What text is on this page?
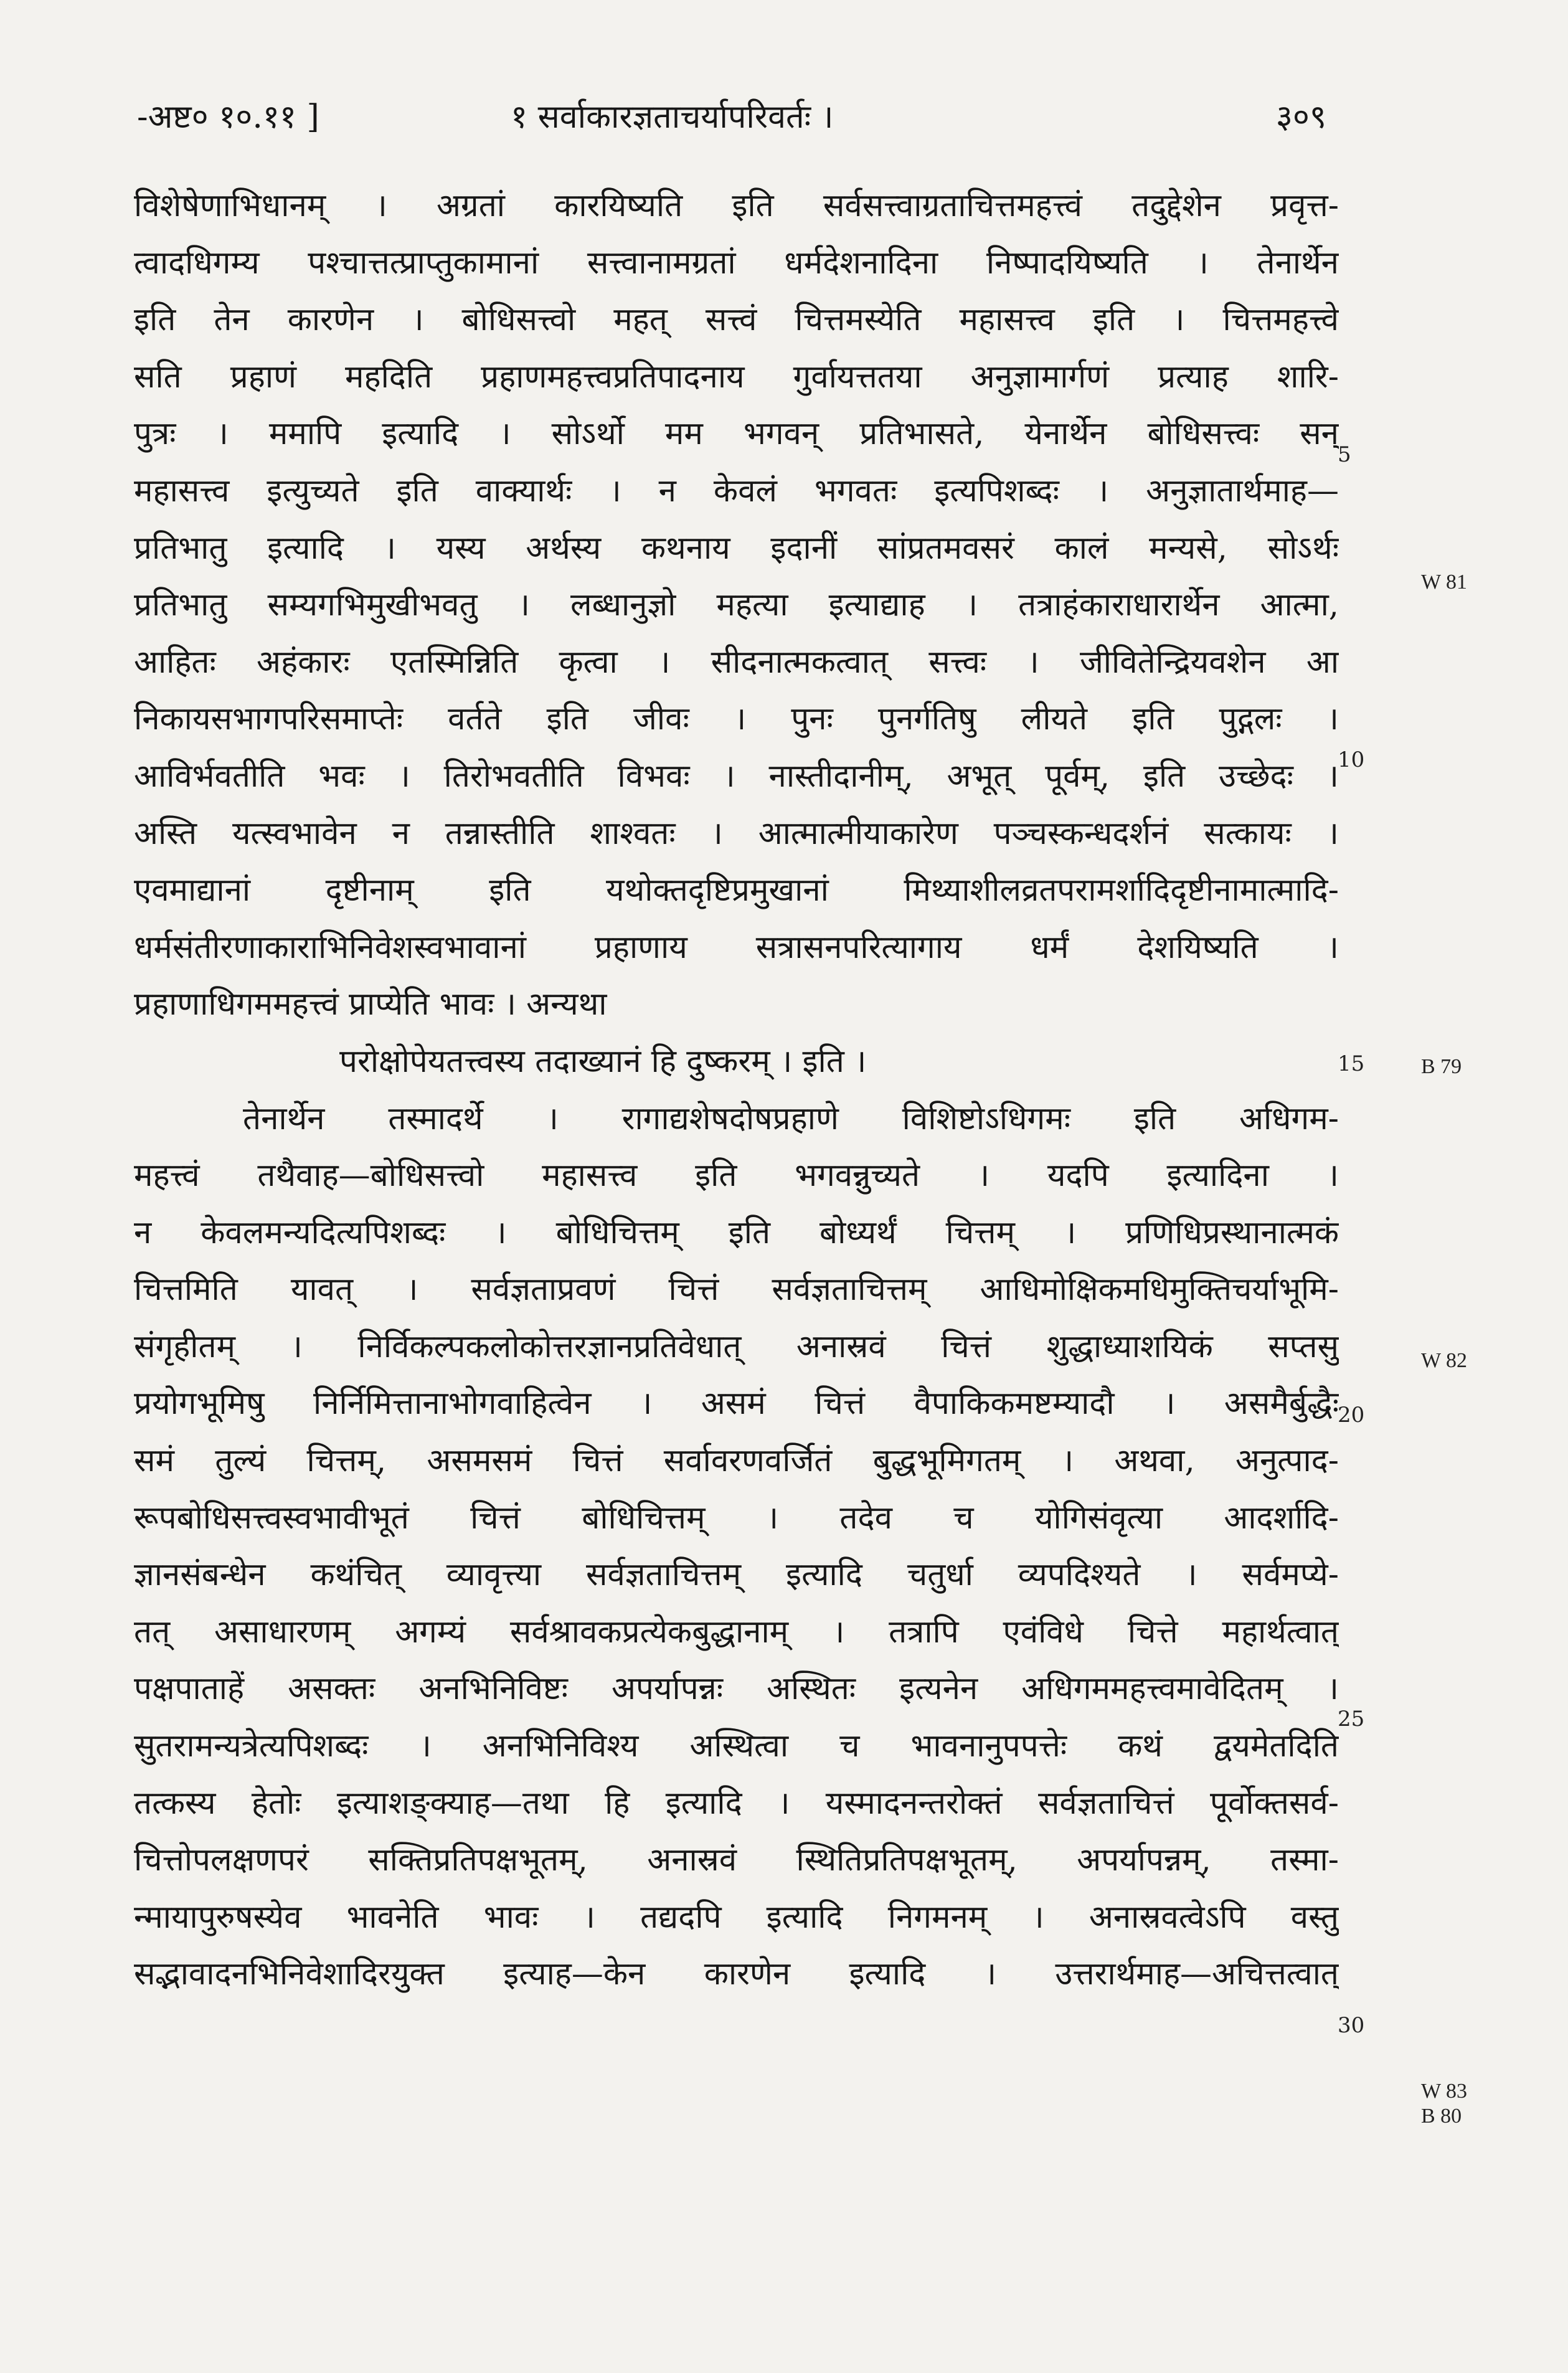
-अष्ट० १०.११ ]	१ सर्वाकारज्ञताचर्यापरिवर्तः ।	३०९
विशेषेणाभिधानम् । अग्रतां कारयिष्यति इति सर्वसत्त्वाग्रताचित्तमहत्त्वं तदुद्देशेन प्रवृत्त-
त्वादधिगम्य पश्चात्तत्प्राप्तुकामानां सत्त्वानामग्रतां धर्मदेशनादिना निष्पादयिष्यति । तेनार्थेन
इति तेन कारणेन । बोधिसत्त्वो महत् सत्त्वं चित्तमस्येति महासत्त्व इति । चित्तमहत्त्वे
सति प्रहाणं महदिति प्रहाणमहत्त्वप्रतिपादनाय गुर्वायत्ततया अनुज्ञामार्गणं प्रत्याह शारि-
पुत्रः । ममापि इत्यादि । सोऽर्थो मम भगवन् प्रतिभासते, येनार्थेन बोधिसत्त्वः सन्
महासत्त्व इत्युच्यते इति वाक्यार्थः । न केवलं भगवतः इत्यपिशब्दः । अनुज्ञातार्थमाह—
प्रतिभातु इत्यादि । यस्य अर्थस्य कथनाय इदानीं सांप्रतमवसरं कालं मन्यसे, सोऽर्थः
प्रतिभातु सम्यगभिमुखीभवतु । लब्धानुज्ञो महत्या इत्याद्याह । तत्राहंकाराधारार्थेन आत्मा,
आहितः अहंकारः एतस्मिन्निति कृत्वा । सीदनात्मकत्वात् सत्त्वः । जीवितेन्द्रियवशेन आ
निकायसभागपरिसमाप्तेः वर्तते इति जीवः । पुनः पुनर्गतिषु लीयते इति पुद्गलः ।
आविर्भवतीति भवः । तिरोभवतीति विभवः । नास्तीदानीम्, अभूत् पूर्वम्, इति उच्छेदः ।
अस्ति यत्स्वभावेन न तन्नास्तीति शाश्वतः । आत्मात्मीयाकारेण पञ्चस्कन्धदर्शनं सत्कायः ।
एवमाद्यानां दृष्टीनाम् इति यथोक्तदृष्टिप्रमुखानां मिथ्याशीलव्रतपरामर्शादिदृष्टीनामात्मादि-
धर्मसंतीरणाकाराभिनिवेशस्वभावानां प्रहाणाय सत्रासनपरित्यागाय धर्मं देशयिष्यति ।
प्रहाणाधिगममहत्त्वं प्राप्येति भावः । अन्यथा
परोक्षोपेयतत्त्वस्य तदाख्यानं हि दुष्करम् । इति ।
तेनार्थेन तस्मादर्थे । रागाद्यशेषदोषप्रहाणे विशिष्टोऽधिगमः इति अधिगम-
महत्त्वं तथैवाह—बोधिसत्त्वो महासत्त्व इति भगवन्नुच्यते । यदपि इत्यादिना ।
न केवलमन्यदित्यपिशब्दः । बोधिचित्तम् इति बोध्यर्थं चित्तम् । प्रणिधिप्रस्थानात्मकं
चित्तमिति यावत् । सर्वज्ञताप्रवणं चित्तं सर्वज्ञताचित्तम् आधिमोक्षिकमधिमुक्तिचर्याभूमि-
संगृहीतम् । निर्विकल्पकलोकोत्तरज्ञानप्रतिवेधात् अनास्रवं चित्तं शुद्धाध्याशयिकं सप्तसु
प्रयोगभूमिषु निर्निमित्तानाभोगवाहित्वेन । असमं चित्तं वैपाकिकमष्टम्यादौ । असमैर्बुद्धैः
समं तुल्यं चित्तम्, असमसमं चित्तं सर्वावरणवर्जितं बुद्धभूमिगतम् । अथवा, अनुत्पाद-
रूपबोधिसत्त्वस्वभावीभूतं चित्तं बोधिचित्तम् । तदेव च योगिसंवृत्या आदर्शादि-
ज्ञानसंबन्धेन कथंचित् व्यावृत्त्या सर्वज्ञताचित्तम् इत्यादि चतुर्धा व्यपदिश्यते । सर्वमप्ये-
तत् असाधारणम् अगम्यं सर्वश्रावकप्रत्येकबुद्धानाम् । तत्रापि एवंविधे चित्ते महार्थत्वात्
पक्षपाताहें असक्तः अनभिनिविष्टः अपर्यापन्नः अस्थितः इत्यनेन अधिगममहत्त्वमावेदितम् ।
सुतरामन्यत्रेत्यपिशब्दः । अनभिनिविश्य अस्थित्वा च भावनानुपपत्तेः कथं द्वयमेतदिति
तत्कस्य हेतोः इत्याशङ्क्याह—तथा हि इत्यादि । यस्मादनन्तरोक्तं सर्वज्ञताचित्तं पूर्वोक्तसर्व-
चित्तोपलक्षणपरं सक्तिप्रतिपक्षभूतम्, अनास्रवं स्थितिप्रतिपक्षभूतम्, अपर्यापन्नम्, तस्मा-
न्मायापुरुषस्येव भावनेति भावः । तद्यदपि इत्यादि निगमनम् । अनास्रवत्वेऽपि वस्तु
सद्भावादनभिनिवेशादिरयुक्त इत्याह—केन कारणेन इत्यादि । उत्तरार्थमाह—अचित्तत्वात्
5
10
15
20
25
30
W 81
B 79
W 82
W 83
B 80
